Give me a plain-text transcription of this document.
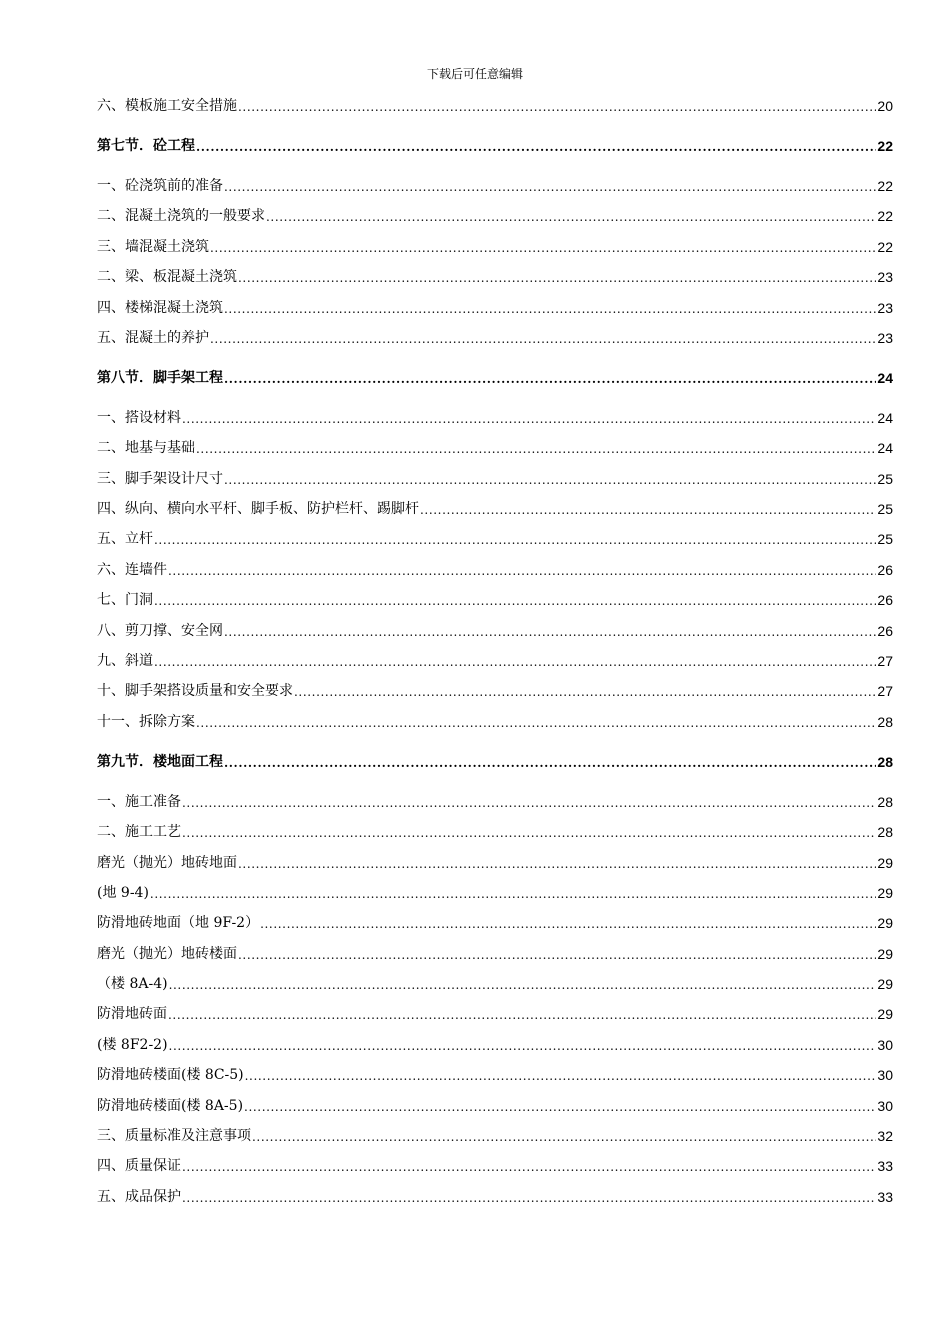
下载后可任意编辑
六、模板施工安全措施 .....	20
第七节．砼工程 .....	22
一、砼浇筑前的准备 .....	22
二、混凝土浇筑的一般要求 .....	22
三、墙混凝土浇筑 .....	22
二、梁、板混凝土浇筑 .....	23
四、楼梯混凝土浇筑 .....	23
五、混凝土的养护 .....	23
第八节．脚手架工程 .....	24
一、搭设材料 .....	24
二、地基与基础 .....	24
三、脚手架设计尺寸 .....	25
四、纵向、横向水平杆、脚手板、防护栏杆、踢脚杆 .....	25
五、立杆 .....	25
六、连墙件 .....	26
七、门洞 .....	26
八、剪刀撑、安全网 .....	26
九、斜道 .....	27
十、脚手架搭设质量和安全要求 .....	27
十一、拆除方案 .....	28
第九节．楼地面工程 .....	28
一、施工准备 .....	28
二、施工工艺 .....	28
磨光（抛光）地砖地面 .....	29
(地 9-4) .....	29
防滑地砖地面（地 9F-2） .....	29
磨光（抛光）地砖楼面 .....	29
（楼 8A-4) .....	29
防滑地砖面 .....	29
(楼 8F2-2) .....	30
防滑地砖楼面(楼 8C-5) .....	30
防滑地砖楼面(楼 8A-5) .....	30
三、质量标准及注意事项 .....	32
四、质量保证 .....	33
五、成品保护 .....	33
